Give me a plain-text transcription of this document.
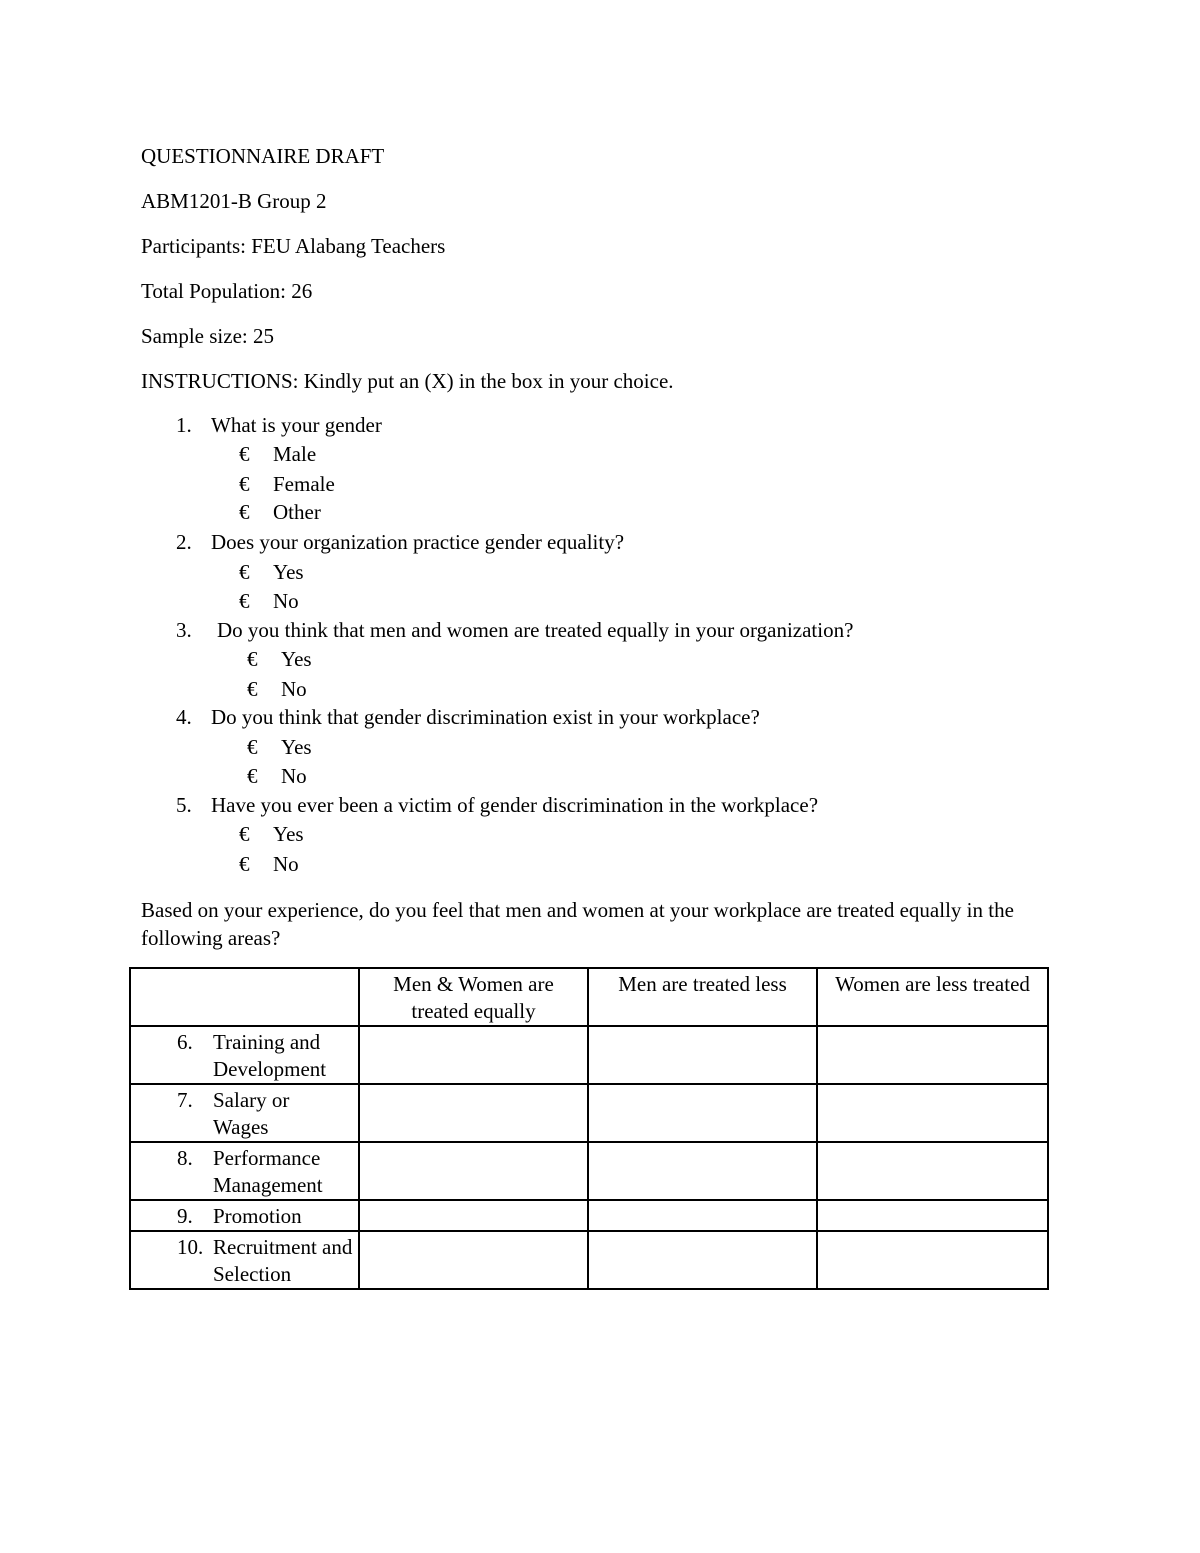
QUESTIONNAIRE DRAFT
ABM1201-B Group 2
Participants: FEU Alabang Teachers
Total Population: 26
Sample size: 25
INSTRUCTIONS: Kindly put an (X) in the box in your choice.
1. What is your gender
€ Male
€ Female
€ Other
2. Does your organization practice gender equality?
€ Yes
€ No
3. Do you think that men and women are treated equally in your organization?
€ Yes
€ No
4. Do you think that gender discrimination exist in your workplace?
€ Yes
€ No
5. Have you ever been a victim of gender discrimination in the workplace?
€ Yes
€ No
Based on your experience, do you feel that men and women at your workplace are treated equally in the following areas?

	Men & Women are treated equally	Men are treated less	Women are less treated

6. Training and Development			

7. Salary or Wages			

8. Performance Management			

9. Promotion			

10. Recruitment and Selection			
